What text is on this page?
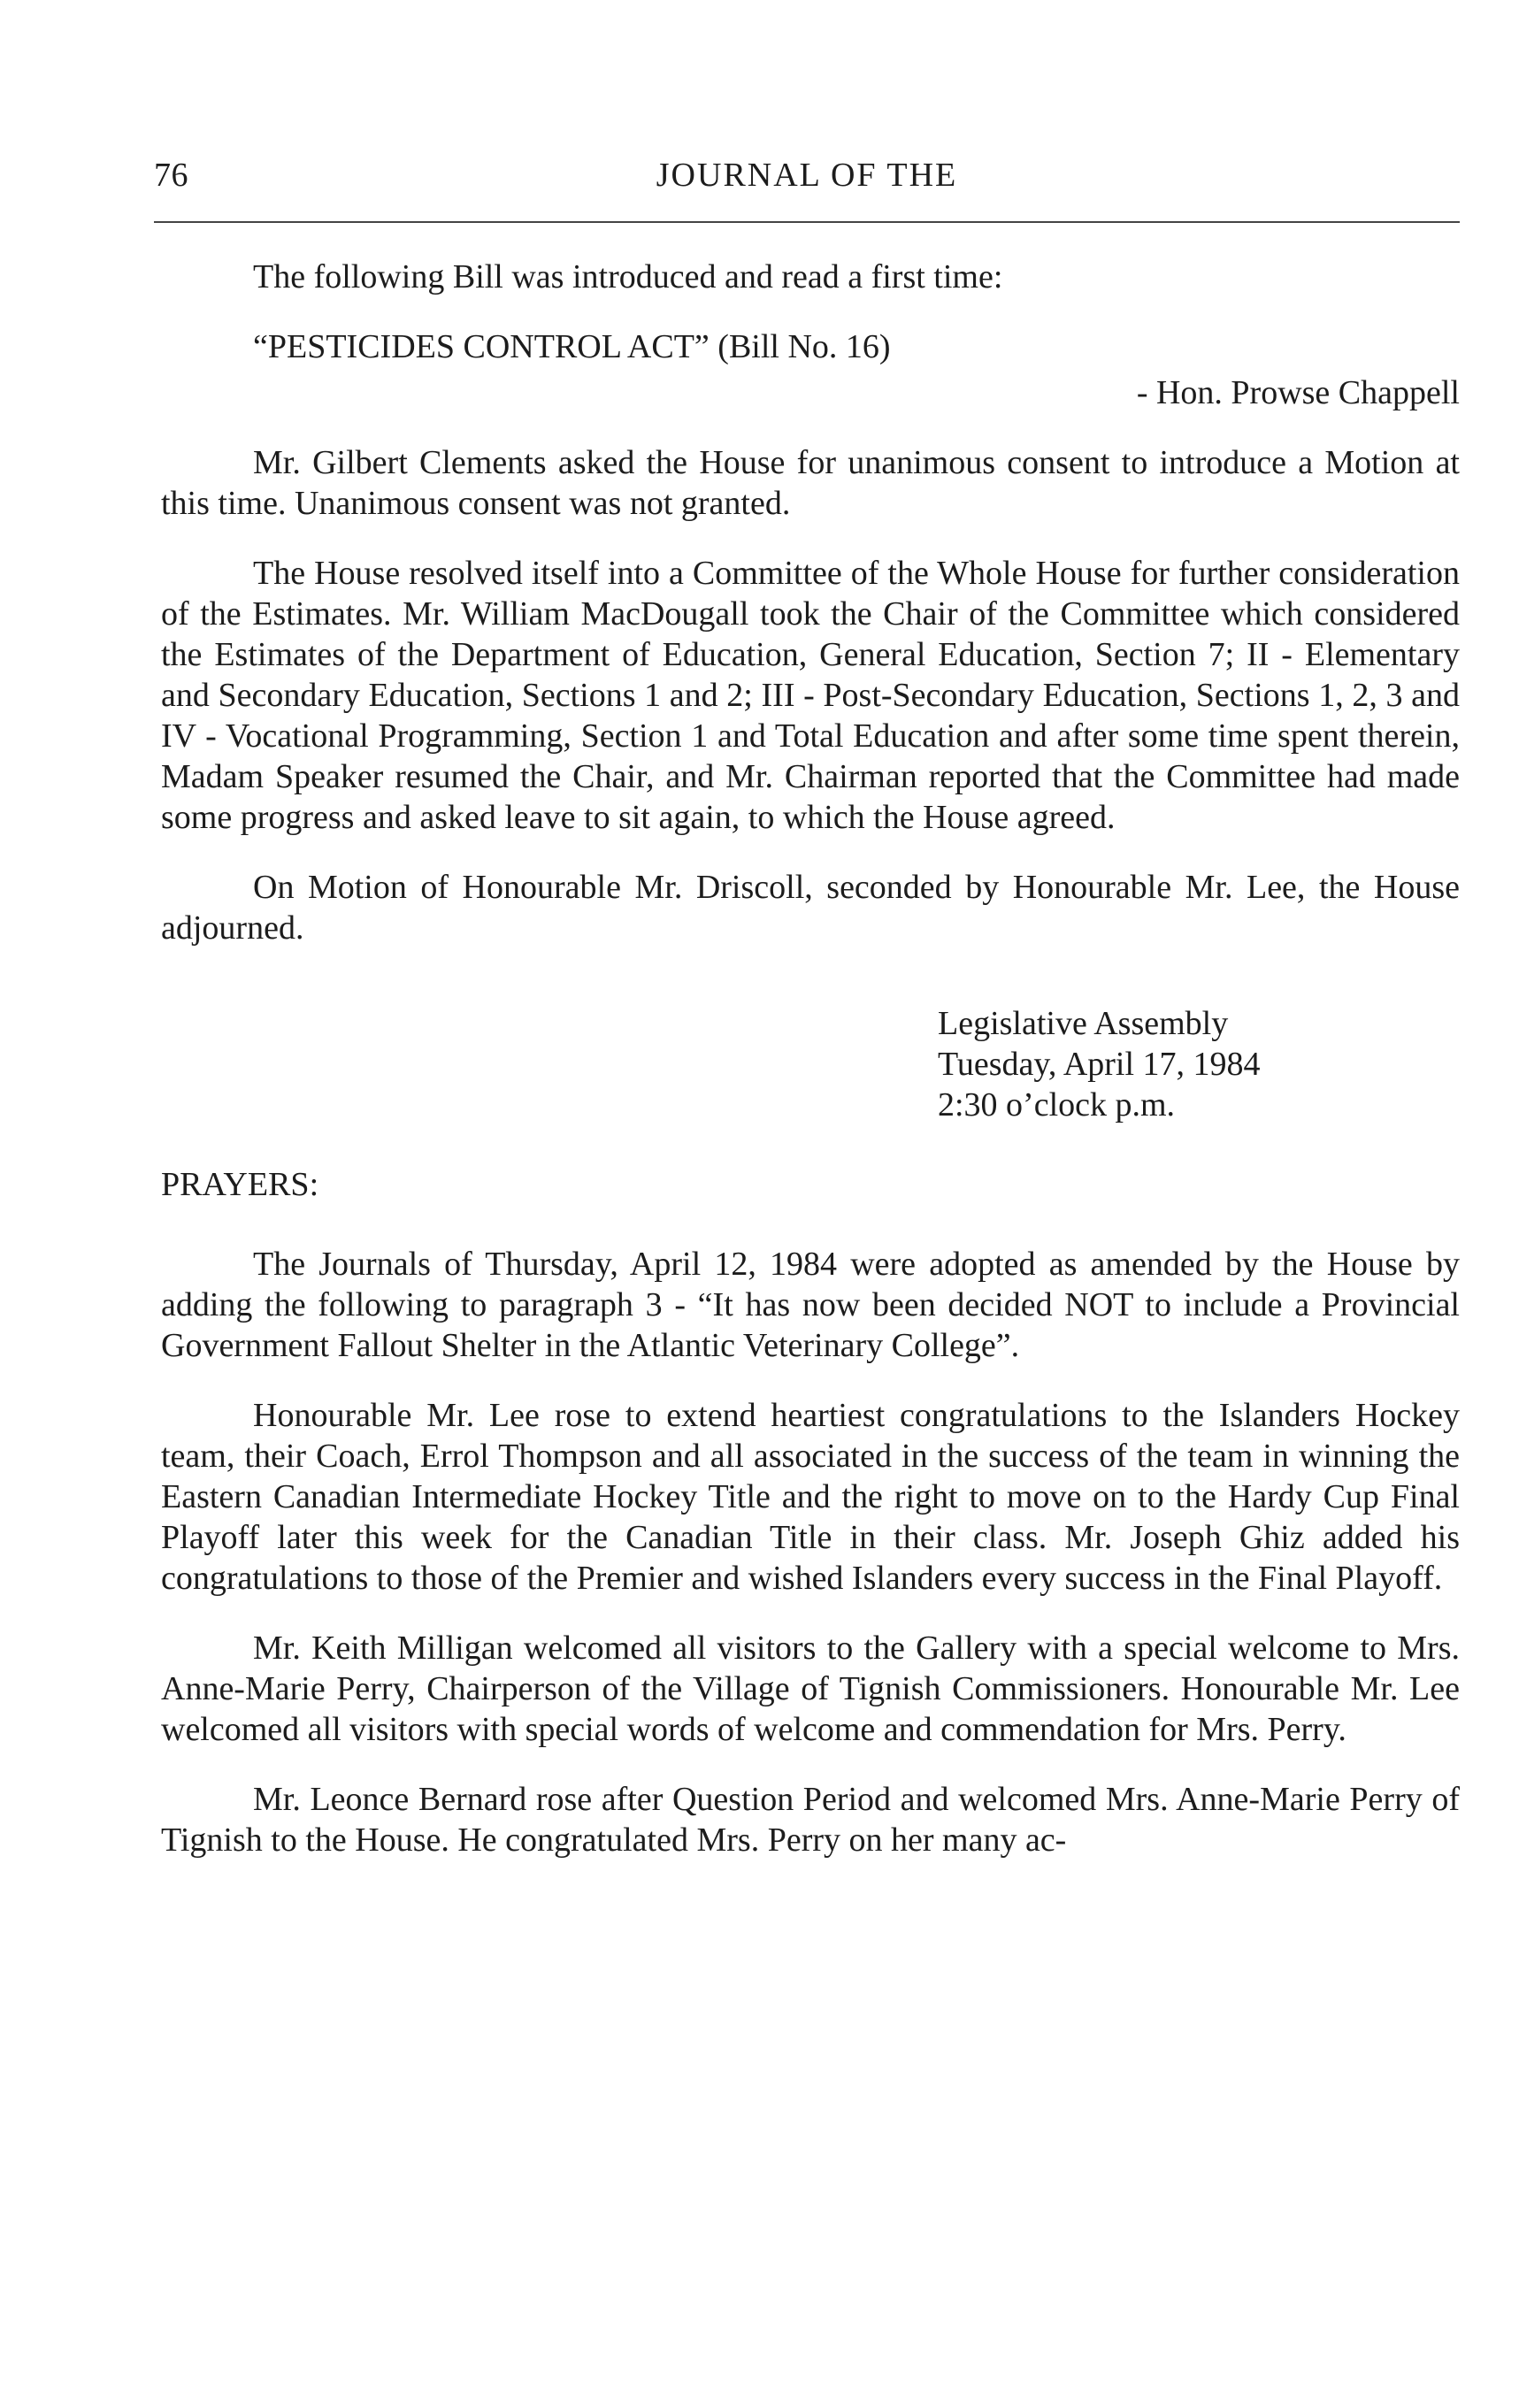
76	JOURNAL OF THE

The following Bill was introduced and read a first time:

“PESTICIDES CONTROL ACT” (Bill No. 16)

- Hon. Prowse Chappell

Mr. Gilbert Clements asked the House for unanimous consent to introduce a Motion at this time. Unanimous consent was not granted.

The House resolved itself into a Committee of the Whole House for further consideration of the Estimates. Mr. William MacDougall took the Chair of the Committee which considered the Estimates of the Department of Education, General Education, Section 7; II - Elementary and Secondary Education, Sections 1 and 2; III - Post-Secondary Education, Sections 1, 2, 3 and IV - Vocational Programming, Section 1 and Total Education and after some time spent therein, Madam Speaker resumed the Chair, and Mr. Chairman reported that the Committee had made some progress and asked leave to sit again, to which the House agreed.

On Motion of Honourable Mr. Driscoll, seconded by Honourable Mr. Lee, the House adjourned.

Legislative Assembly
Tuesday, April 17, 1984
2:30 o’clock p.m.

PRAYERS:

The Journals of Thursday, April 12, 1984 were adopted as amended by the House by adding the following to paragraph 3 - “It has now been decided NOT to include a Provincial Government Fallout Shelter in the Atlantic Veterinary College”.

Honourable Mr. Lee rose to extend heartiest congratulations to the Islanders Hockey team, their Coach, Errol Thompson and all associated in the success of the team in winning the Eastern Canadian Intermediate Hockey Title and the right to move on to the Hardy Cup Final Playoff later this week for the Canadian Title in their class. Mr. Joseph Ghiz added his congratulations to those of the Premier and wished Islanders every success in the Final Playoff.

Mr. Keith Milligan welcomed all visitors to the Gallery with a special welcome to Mrs. Anne-Marie Perry, Chairperson of the Village of Tignish Commissioners. Honourable Mr. Lee welcomed all visitors with special words of welcome and commendation for Mrs. Perry.

Mr. Leonce Bernard rose after Question Period and welcomed Mrs. Anne-Marie Perry of Tignish to the House. He congratulated Mrs. Perry on her many ac-
